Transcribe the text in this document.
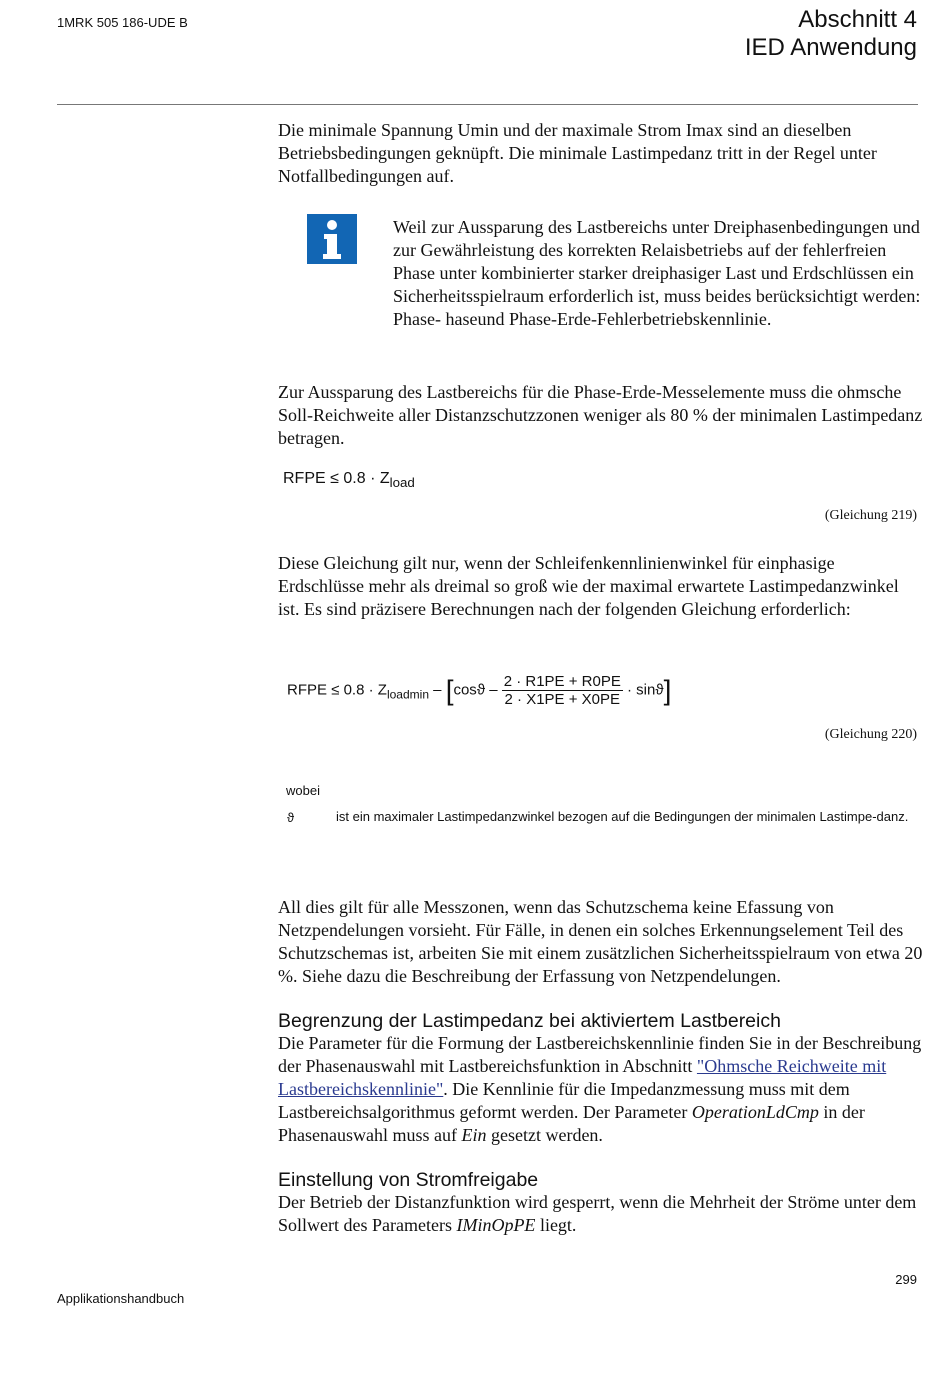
1MRK 505 186-UDE B	Abschnitt 4
IED Anwendung

Die minimale Spannung Umin und der maximale Strom Imax sind an dieselben Betriebsbedingungen geknüpft. Die minimale Lastimpedanz tritt in der Regel unter Notfallbedingungen auf.

Weil zur Aussparung des Lastbereichs unter Dreiphasenbedingungen und zur Gewährleistung des korrekten Relaisbetriebs auf der fehlerfreien Phase unter kombinierter starker dreiphasiger Last und Erdschlüssen ein Sicherheitsspielraum erforderlich ist, muss beides berücksichtigt werden: Phase- haseund Phase-Erde-Fehlerbetriebskennlinie.

Zur Aussparung des Lastbereichs für die Phase-Erde-Messelemente muss die ohmsche Soll-Reichweite aller Distanzschutzzonen weniger als 80 % der minimalen Lastimpedanz betragen.

RFPE ≤ $0.8 \cdot Z_{load}$
(Gleichung 219)

Diese Gleichung gilt nur, wenn der Schleifenkennlinienwinkel für einphasige Erdschlüsse mehr als dreimal so groß wie der maximal erwartete Lastimpedanzwinkel ist. Es sind präzisere Berechnungen nach der folgenden Gleichung erforderlich:

RFPE ≤ $0.8 \cdot Z_{loadmin} - [\cos ϑ - \frac{2 \cdot R1PE + R0PE}{2 \cdot X1PE + X0PE} \cdot \sin ϑ]$
(Gleichung 220)
wobei
ϑ	ist ein maximaler Lastimpedanzwinkel bezogen auf die Bedingungen der minimalen Lastimpe-danz.

All dies gilt für alle Messzonen, wenn das Schutzschema keine Efassung von Netzpendelungen vorsieht. Für Fälle, in denen ein solches Erkennungselement Teil des Schutzschemas ist, arbeiten Sie mit einem zusätzlichen Sicherheitsspielraum von etwa 20 %. Siehe dazu die Beschreibung der Erfassung von Netzpendelungen.

Begrenzung der Lastimpedanz bei aktiviertem Lastbereich

Die Parameter für die Formung der Lastbereichskennlinie finden Sie in der Beschreibung der Phasenauswahl mit Lastbereichsfunktion in Abschnitt "Ohmsche Reichweite mit Lastbereichskennlinie". Die Kennlinie für die Impedanzmessung muss mit dem Lastbereichsalgorithmus geformt werden. Der Parameter OperationLdCmp in der Phasenauswahl muss auf Ein gesetzt werden.

Einstellung von Stromfreigabe

Der Betrieb der Distanzfunktion wird gesperrt, wenn die Mehrheit der Ströme unter dem Sollwert des Parameters IMinOpPE liegt.

299
Applikationshandbuch
